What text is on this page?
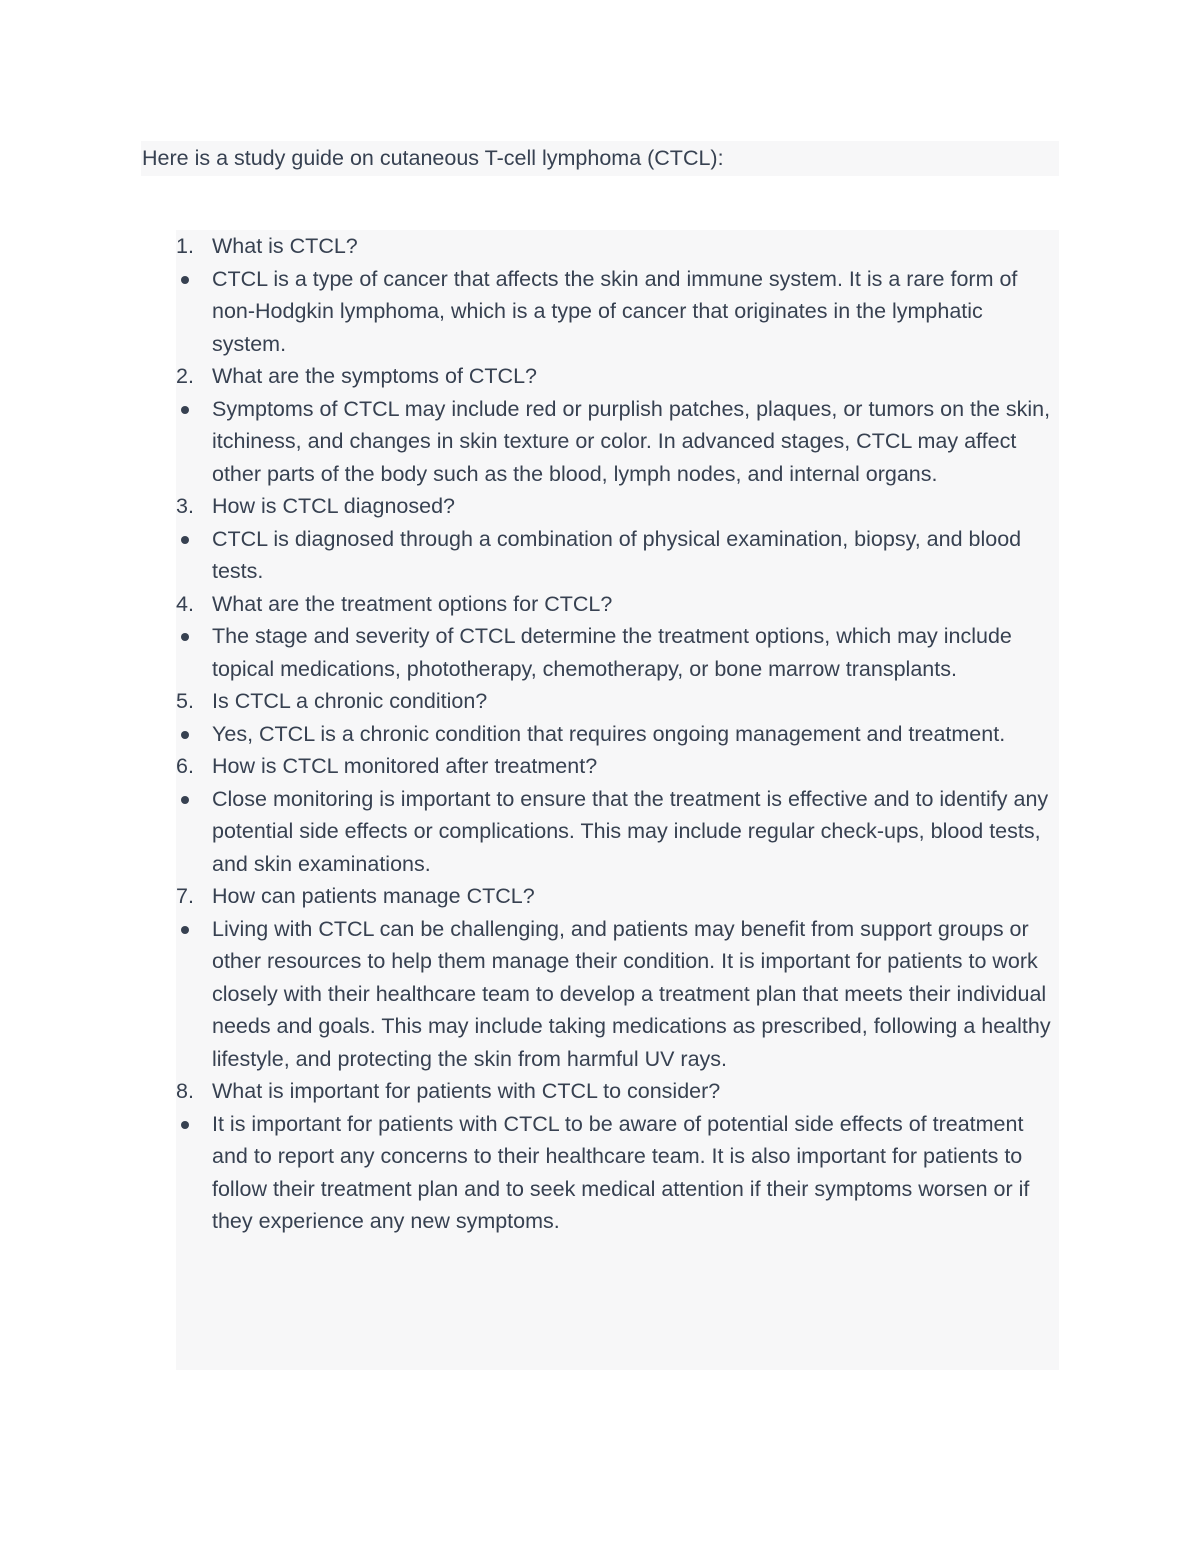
Here is a study guide on cutaneous T-cell lymphoma (CTCL):
1. What is CTCL?
CTCL is a type of cancer that affects the skin and immune system. It is a rare form of non-Hodgkin lymphoma, which is a type of cancer that originates in the lymphatic system.
2. What are the symptoms of CTCL?
Symptoms of CTCL may include red or purplish patches, plaques, or tumors on the skin, itchiness, and changes in skin texture or color. In advanced stages, CTCL may affect other parts of the body such as the blood, lymph nodes, and internal organs.
3. How is CTCL diagnosed?
CTCL is diagnosed through a combination of physical examination, biopsy, and blood tests.
4. What are the treatment options for CTCL?
The stage and severity of CTCL determine the treatment options, which may include topical medications, phototherapy, chemotherapy, or bone marrow transplants.
5. Is CTCL a chronic condition?
Yes, CTCL is a chronic condition that requires ongoing management and treatment.
6. How is CTCL monitored after treatment?
Close monitoring is important to ensure that the treatment is effective and to identify any potential side effects or complications. This may include regular check-ups, blood tests, and skin examinations.
7. How can patients manage CTCL?
Living with CTCL can be challenging, and patients may benefit from support groups or other resources to help them manage their condition. It is important for patients to work closely with their healthcare team to develop a treatment plan that meets their individual needs and goals. This may include taking medications as prescribed, following a healthy lifestyle, and protecting the skin from harmful UV rays.
8. What is important for patients with CTCL to consider?
It is important for patients with CTCL to be aware of potential side effects of treatment and to report any concerns to their healthcare team. It is also important for patients to follow their treatment plan and to seek medical attention if their symptoms worsen or if they experience any new symptoms.
